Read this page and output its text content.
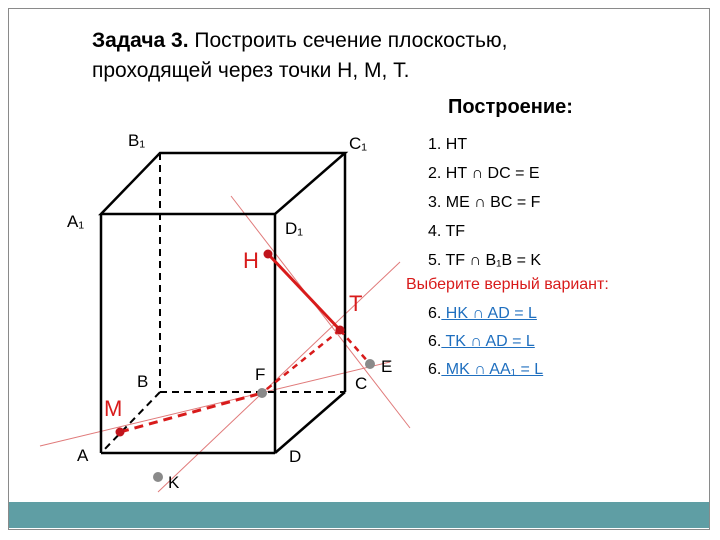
Задача 3. Построить сечение плоскостью,
проходящей через точки Н, М, Т.
Построение:
1. НТ
2. НТ ∩ DC = E
3. ME ∩ BC = F
4. TF
5. TF ∩ B₁B = K
Выберите верный вариант:
6. HK ∩ AD = L
6. TK ∩ AD = L
6. MK ∩ AA₁ = L
B₁	C₁
A₁	D₁
A
B	C
D
H
T
M
E
F
K
